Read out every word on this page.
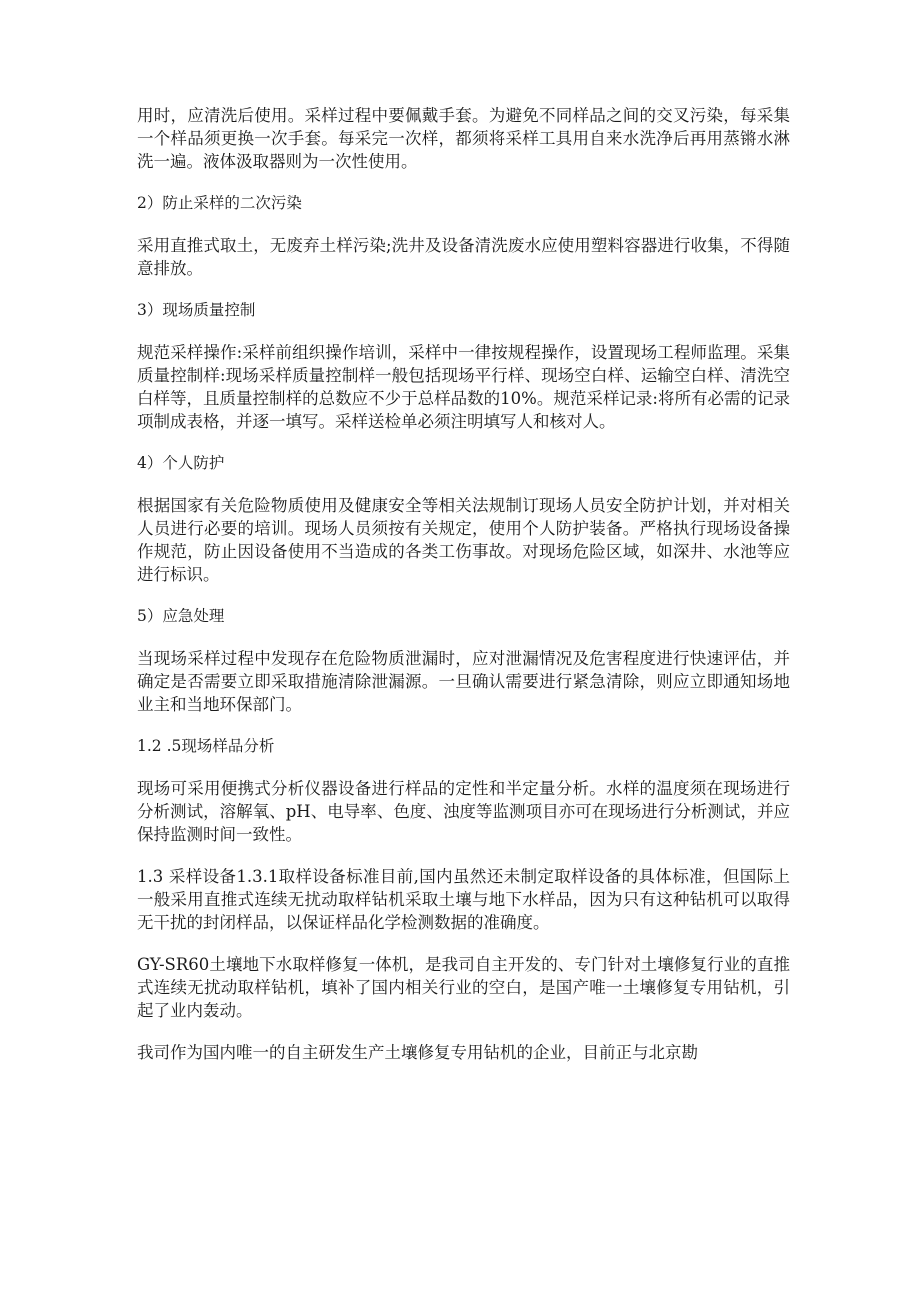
用时，应清洗后使用。采样过程中要佩戴手套。为避免不同样品之间的交叉污染，每采集一个样品须更换一次手套。每采完一次样，都须将采样工具用自来水洗净后再用蒸锵水淋洗一遍。液体汲取器则为一次性使用。

2）防止采样的二次污染

采用直推式取土，无废弃土样污染;洗井及设备清洗废水应使用塑料容器进行收集，不得随意排放。

3）现场质量控制

规范采样操作:采样前组织操作培训，采样中一律按规程操作，设置现场工程师监理。采集质量控制样:现场采样质量控制样一般包括现场平行样、现场空白样、运输空白样、清洗空白样等，且质量控制样的总数应不少于总样品数的10%。规范采样记录:将所有必需的记录项制成表格，并逐一填写。采样送检单必须注明填写人和核对人。

4）个人防护

根据国家有关危险物质使用及健康安全等相关法规制订现场人员安全防护计划，并对相关人员进行必要的培训。现场人员须按有关规定，使用个人防护装备。严格执行现场设备操作规范，防止因设备使用不当造成的各类工伤事故。对现场危险区域，如深井、水池等应进行标识。

5）应急处理

当现场采样过程中发现存在危险物质泄漏时，应对泄漏情况及危害程度进行快速评估，并确定是否需要立即采取措施清除泄漏源。一旦确认需要进行紧急清除，则应立即通知场地业主和当地环保部门。

1.2 .5现场样品分析

现场可采用便携式分析仪器设备进行样品的定性和半定量分析。水样的温度须在现场进行分析测试，溶解氧、pH、电导率、色度、浊度等监测项目亦可在现场进行分析测试，并应保持监测时间一致性。

1.3 采样设备1.3.1取样设备标准目前,国内虽然还未制定取样设备的具体标准，但国际上一般采用直推式连续无扰动取样钻机采取土壤与地下水样品，因为只有这种钻机可以取得无干扰的封闭样品，以保证样品化学检测数据的准确度。

GY-SR60土壤地下水取样修复一体机，是我司自主开发的、专门针对土壤修复行业的直推式连续无扰动取样钻机，填补了国内相关行业的空白，是国产唯一土壤修复专用钻机，引起了业内轰动。

我司作为国内唯一的自主研发生产土壤修复专用钻机的企业，目前正与北京勘
